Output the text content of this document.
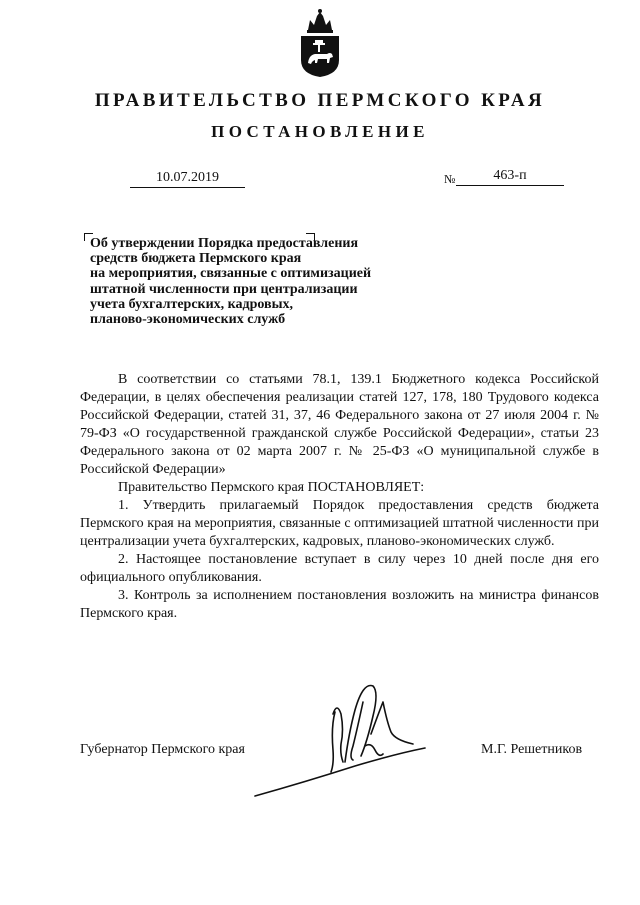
ПРАВИТЕЛЬСТВО ПЕРМСКОГО КРАЯ
ПОСТАНОВЛЕНИЕ
10.07.2019	№	463-п
Об утверждении Порядка предоставления
средств бюджета Пермского края
на мероприятия, связанные с оптимизацией
штатной численности при централизации
учета бухгалтерских, кадровых,
планово-экономических служб

В соответствии со статьями 78.1, 139.1 Бюджетного кодекса Российской Федерации, в целях обеспечения реализации статей 127, 178, 180 Трудового кодекса Российской Федерации, статей 31, 37, 46 Федерального закона от 27 июля 2004 г. № 79-ФЗ «О государственной гражданской службе Российской Федерации», статьи 23 Федерального закона от 02 марта 2007 г. № 25-ФЗ «О муниципальной службе в Российской Федерации»

Правительство Пермского края ПОСТАНОВЛЯЕТ:

1. Утвердить прилагаемый Порядок предоставления средств бюджета Пермского края на мероприятия, связанные с оптимизацией штатной численности при централизации учета бухгалтерских, кадровых, планово-экономических служб.

2. Настоящее постановление вступает в силу через 10 дней после дня его официального опубликования.

3. Контроль за исполнением постановления возложить на министра финансов Пермского края.

Губернатор Пермского края	М.Г. Решетников
